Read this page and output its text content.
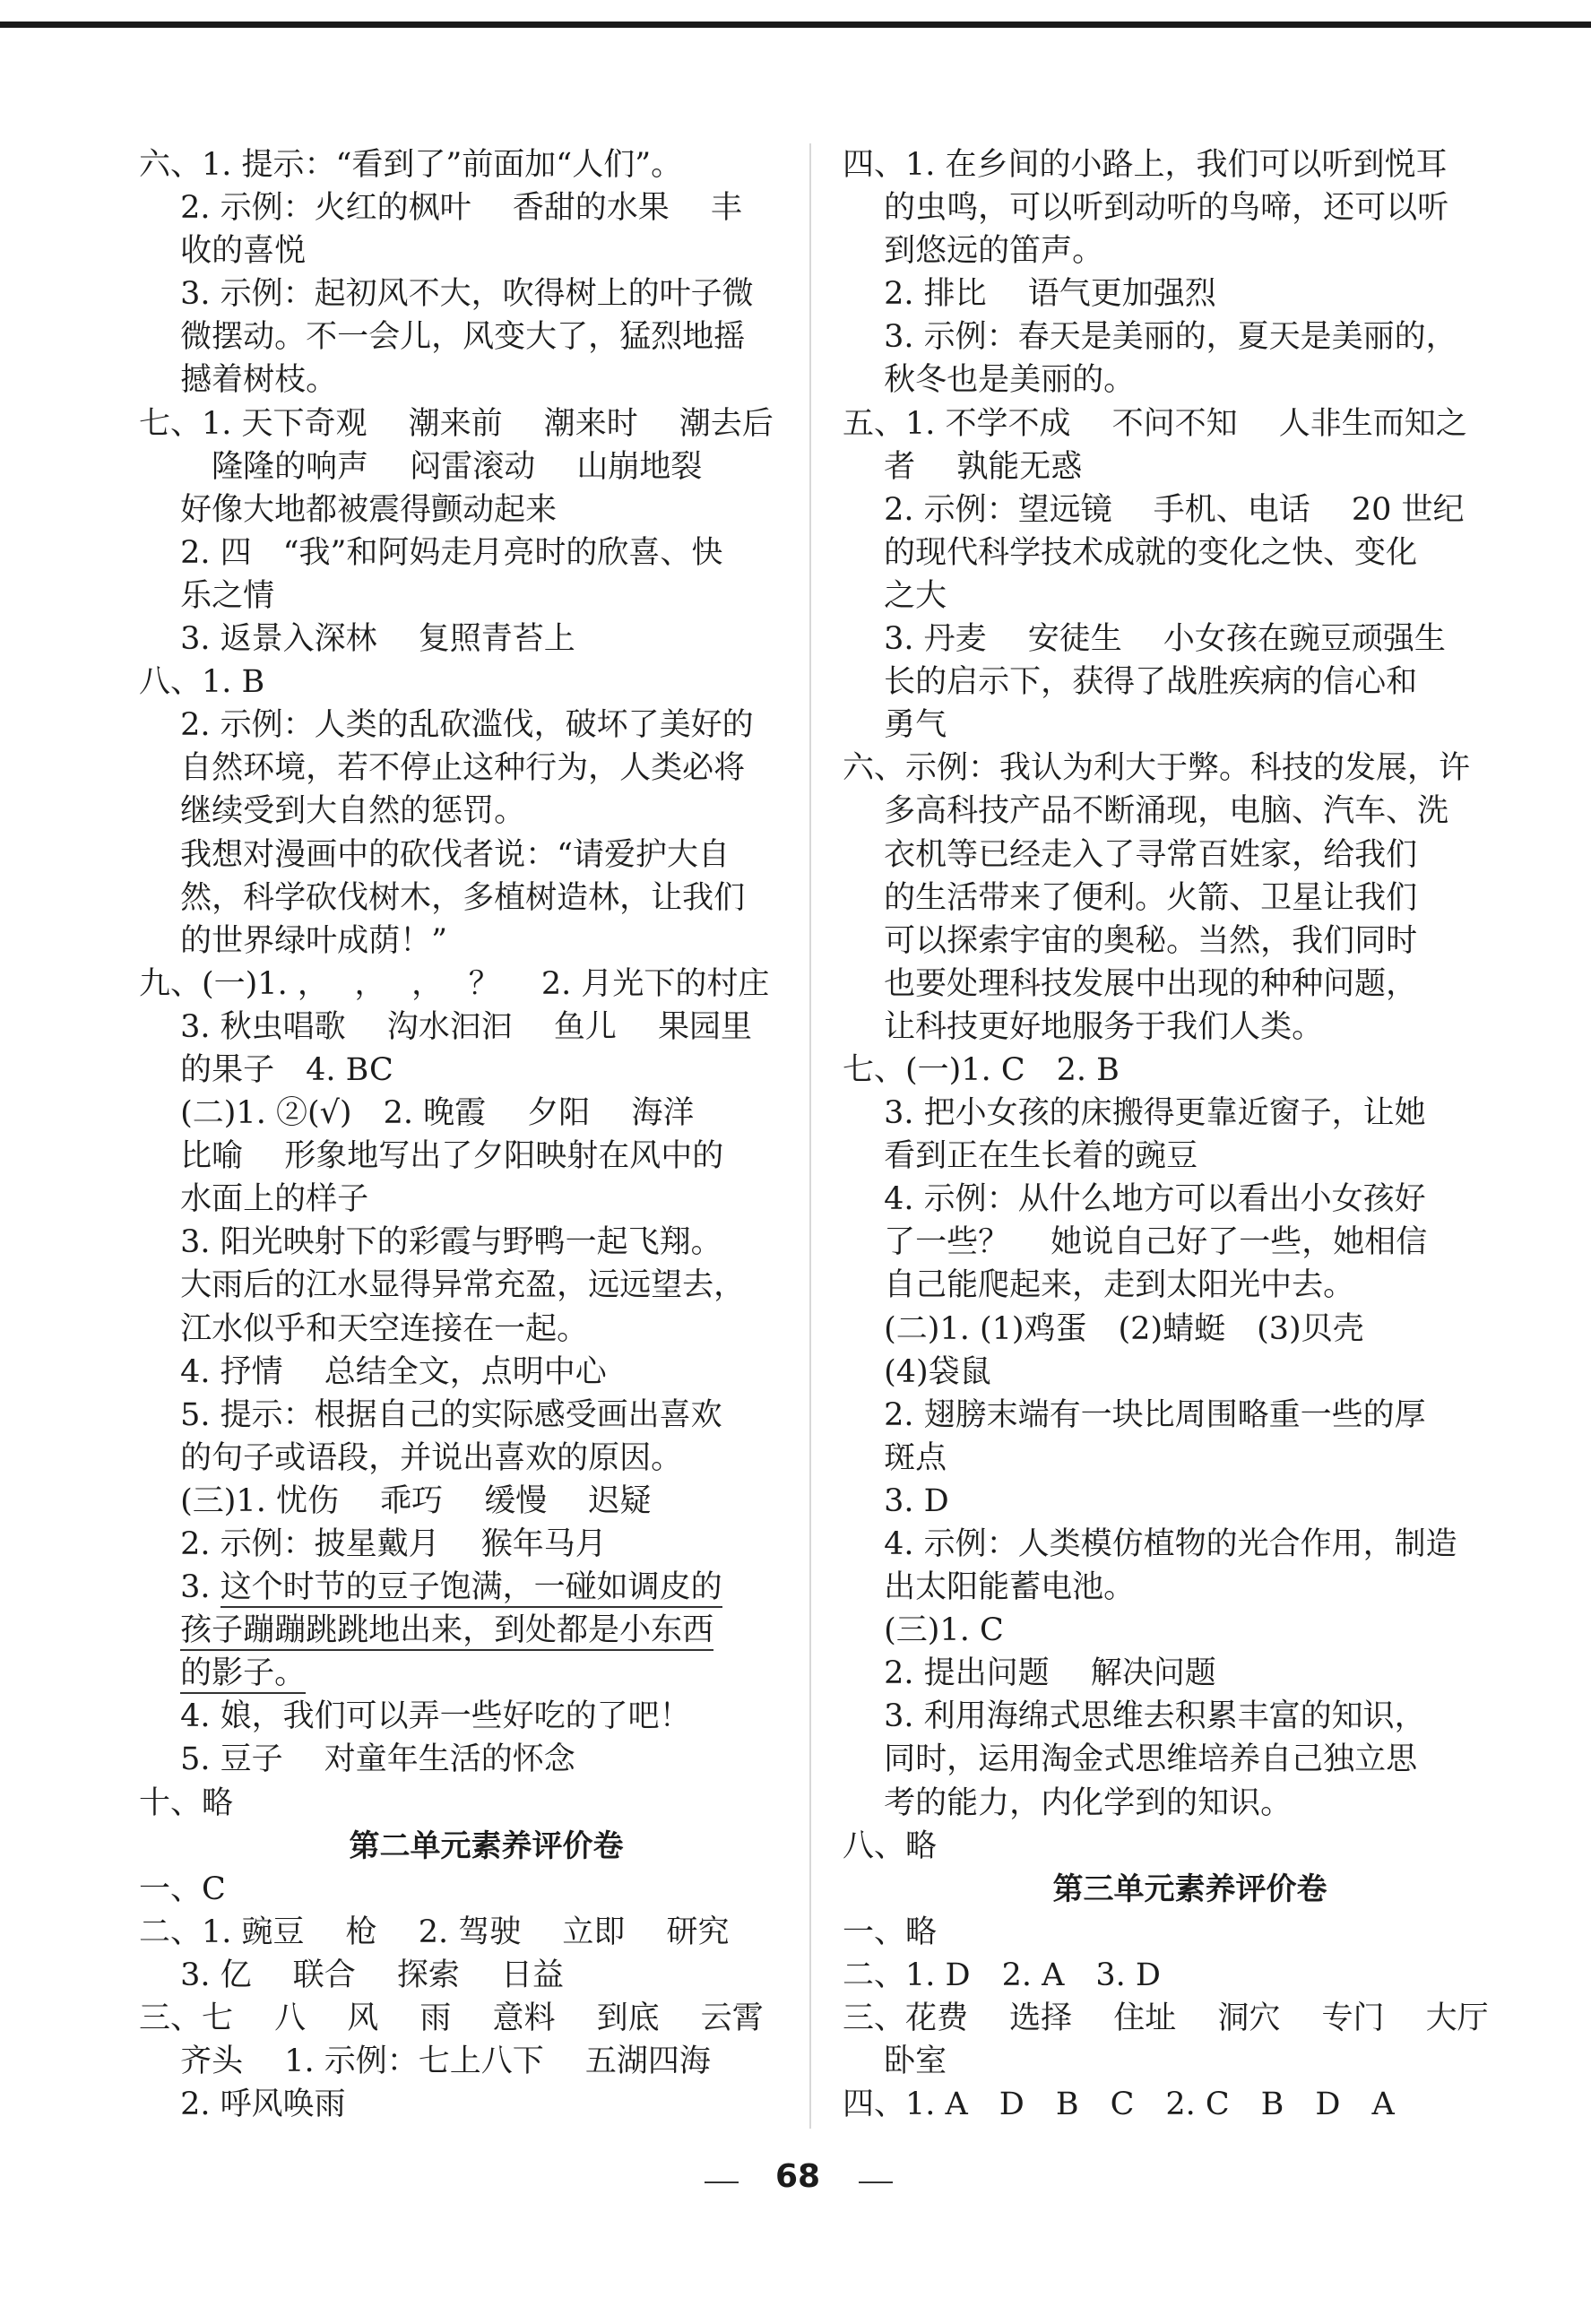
六、1. 提示：“看到了”前面加“人们”。
　 2. 示例：火红的枫叶　 香甜的水果　 丰
　 收的喜悦
　 3. 示例：起初风不大，吹得树上的叶子微
　 微摆动。不一会儿，风变大了，猛烈地摇
　 撼着树枝。
七、1. 天下奇观　 潮来前　 潮来时　 潮去后
　　 隆隆的响声　 闷雷滚动　 山崩地裂
　 好像大地都被震得颤动起来
　 2. 四　“我”和阿妈走月亮时的欣喜、快
　 乐之情
　 3. 返景入深林　 复照青苔上
八、1. B
　 2. 示例：人类的乱砍滥伐，破坏了美好的
　 自然环境，若不停止这种行为，人类必将
　 继续受到大自然的惩罚。
　 我想对漫画中的砍伐者说：“请爱护大自
　 然，科学砍伐树木，多植树造林，让我们
　 的世界绿叶成荫！”
九、(一)1. ，　 ，　 ，　 ？　 2. 月光下的村庄
　 3. 秋虫唱歌　 沟水汩汩　 鱼儿　 果园里
　 的果子　4. BC
　 (二)1. ②(√)　2. 晚霞　 夕阳　 海洋
　 比喻　 形象地写出了夕阳映射在风中的
　 水面上的样子
　 3. 阳光映射下的彩霞与野鸭一起飞翔。
　 大雨后的江水显得异常充盈，远远望去，
　 江水似乎和天空连接在一起。
　 4. 抒情　 总结全文，点明中心
　 5. 提示：根据自己的实际感受画出喜欢
　 的句子或语段，并说出喜欢的原因。
　 (三)1. 忧伤　 乖巧　 缓慢　 迟疑
　 2. 示例：披星戴月　 猴年马月
　 3. 这个时节的豆子饱满，一碰如调皮的
　 孩子蹦蹦跳跳地出来，到处都是小东西
　 的影子。
　 4. 娘，我们可以弄一些好吃的了吧！
　 5. 豆子　 对童年生活的怀念
十、略
第二单元素养评价卷
一、C
二、1. 豌豆　 枪　 2. 驾驶　 立即　 研究
　 3. 亿　 联合　 探索　 日益
三、七　 八　 风　 雨　 意料　 到底　 云霄
　 齐头　 1. 示例：七上八下　 五湖四海
　 2. 呼风唤雨
四、1. 在乡间的小路上，我们可以听到悦耳
　 的虫鸣，可以听到动听的鸟啼，还可以听
　 到悠远的笛声。
　 2. 排比　 语气更加强烈
　 3. 示例：春天是美丽的，夏天是美丽的，
　 秋冬也是美丽的。
五、1. 不学不成　 不问不知　 人非生而知之
　 者　 孰能无惑
　 2. 示例：望远镜　 手机、电话　 20 世纪
　 的现代科学技术成就的变化之快、变化
　 之大
　 3. 丹麦　 安徒生　 小女孩在豌豆顽强生
　 长的启示下，获得了战胜疾病的信心和
　 勇气
六、示例：我认为利大于弊。科技的发展，许
　 多高科技产品不断涌现，电脑、汽车、洗
　 衣机等已经走入了寻常百姓家，给我们
　 的生活带来了便利。火箭、卫星让我们
　 可以探索宇宙的奥秘。当然，我们同时
　 也要处理科技发展中出现的种种问题，
　 让科技更好地服务于我们人类。
七、(一)1. C　2. B
　 3. 把小女孩的床搬得更靠近窗子，让她
　 看到正在生长着的豌豆
　 4. 示例：从什么地方可以看出小女孩好
　 了一些？　 她说自己好了一些，她相信
　 自己能爬起来，走到太阳光中去。
　 (二)1. (1)鸡蛋　(2)蜻蜓　(3)贝壳
　 (4)袋鼠
　 2. 翅膀末端有一块比周围略重一些的厚
　 斑点
　 3. D
　 4. 示例：人类模仿植物的光合作用，制造
　 出太阳能蓄电池。
　 (三)1. C
　 2. 提出问题　 解决问题
　 3. 利用海绵式思维去积累丰富的知识，
　 同时，运用淘金式思维培养自己独立思
　 考的能力，内化学到的知识。
八、略
第三单元素养评价卷
一、略
二、1. D　2. A　3. D
三、花费　 选择　 住址　 洞穴　 专门　 大厅
　 卧室
四、1. A　D　B　C　2. C　B　D　A
68
